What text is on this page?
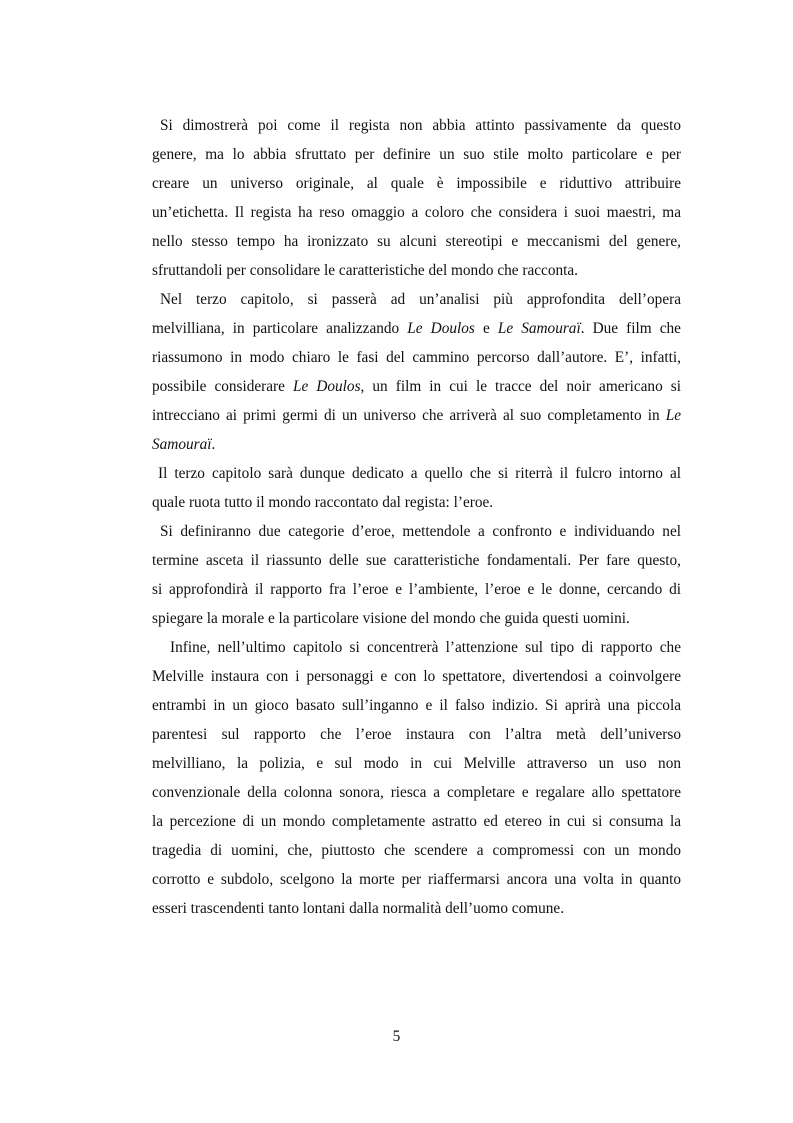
Si dimostrerà poi come il regista non abbia attinto passivamente da questo
genere, ma lo abbia sfruttato per definire un suo stile molto particolare e per
creare un universo originale, al quale è impossibile e riduttivo attribuire
un’etichetta. Il regista ha reso omaggio a coloro che considera i suoi maestri, ma
nello stesso tempo ha ironizzato su alcuni stereotipi e meccanismi del genere,
sfruttandoli per consolidare le caratteristiche del mondo che racconta.
Nel terzo capitolo, si passerà ad un’analisi più approfondita dell’opera
melvilliana, in particolare analizzando Le Doulos e Le Samouraï. Due film che
riassumono in modo chiaro le fasi del cammino percorso dall’autore. E’, infatti,
possibile considerare Le Doulos, un film in cui le tracce del noir americano si
intrecciano ai primi germi di un universo che arriverà al suo completamento in Le
Samouraï.
Il terzo capitolo sarà dunque dedicato a quello che si riterrà il fulcro intorno al
quale ruota tutto il mondo raccontato dal regista: l’eroe.
Si definiranno due categorie d’eroe, mettendole a confronto e individuando nel
termine asceta il riassunto delle sue caratteristiche fondamentali. Per fare questo,
si approfondirà il rapporto fra l’eroe e l’ambiente, l’eroe e le donne, cercando di
spiegare la morale e la particolare visione del mondo che guida questi uomini.
Infine, nell’ultimo capitolo si concentrerà l’attenzione sul tipo di rapporto che
Melville instaura con i personaggi e con lo spettatore, divertendosi a coinvolgere
entrambi in un gioco basato sull’inganno e il falso indizio. Si aprirà una piccola
parentesi sul rapporto che l’eroe instaura con l’altra metà dell’universo
melvilliano, la polizia, e sul modo in cui Melville attraverso un uso non
convenzionale della colonna sonora, riesca a completare e regalare allo spettatore
la percezione di un mondo completamente astratto ed etereo in cui si consuma la
tragedia di uomini, che, piuttosto che scendere a compromessi con un mondo
corrotto e subdolo, scelgono la morte per riaffermarsi ancora una volta in quanto
esseri trascendenti tanto lontani dalla normalità dell’uomo comune.
5
